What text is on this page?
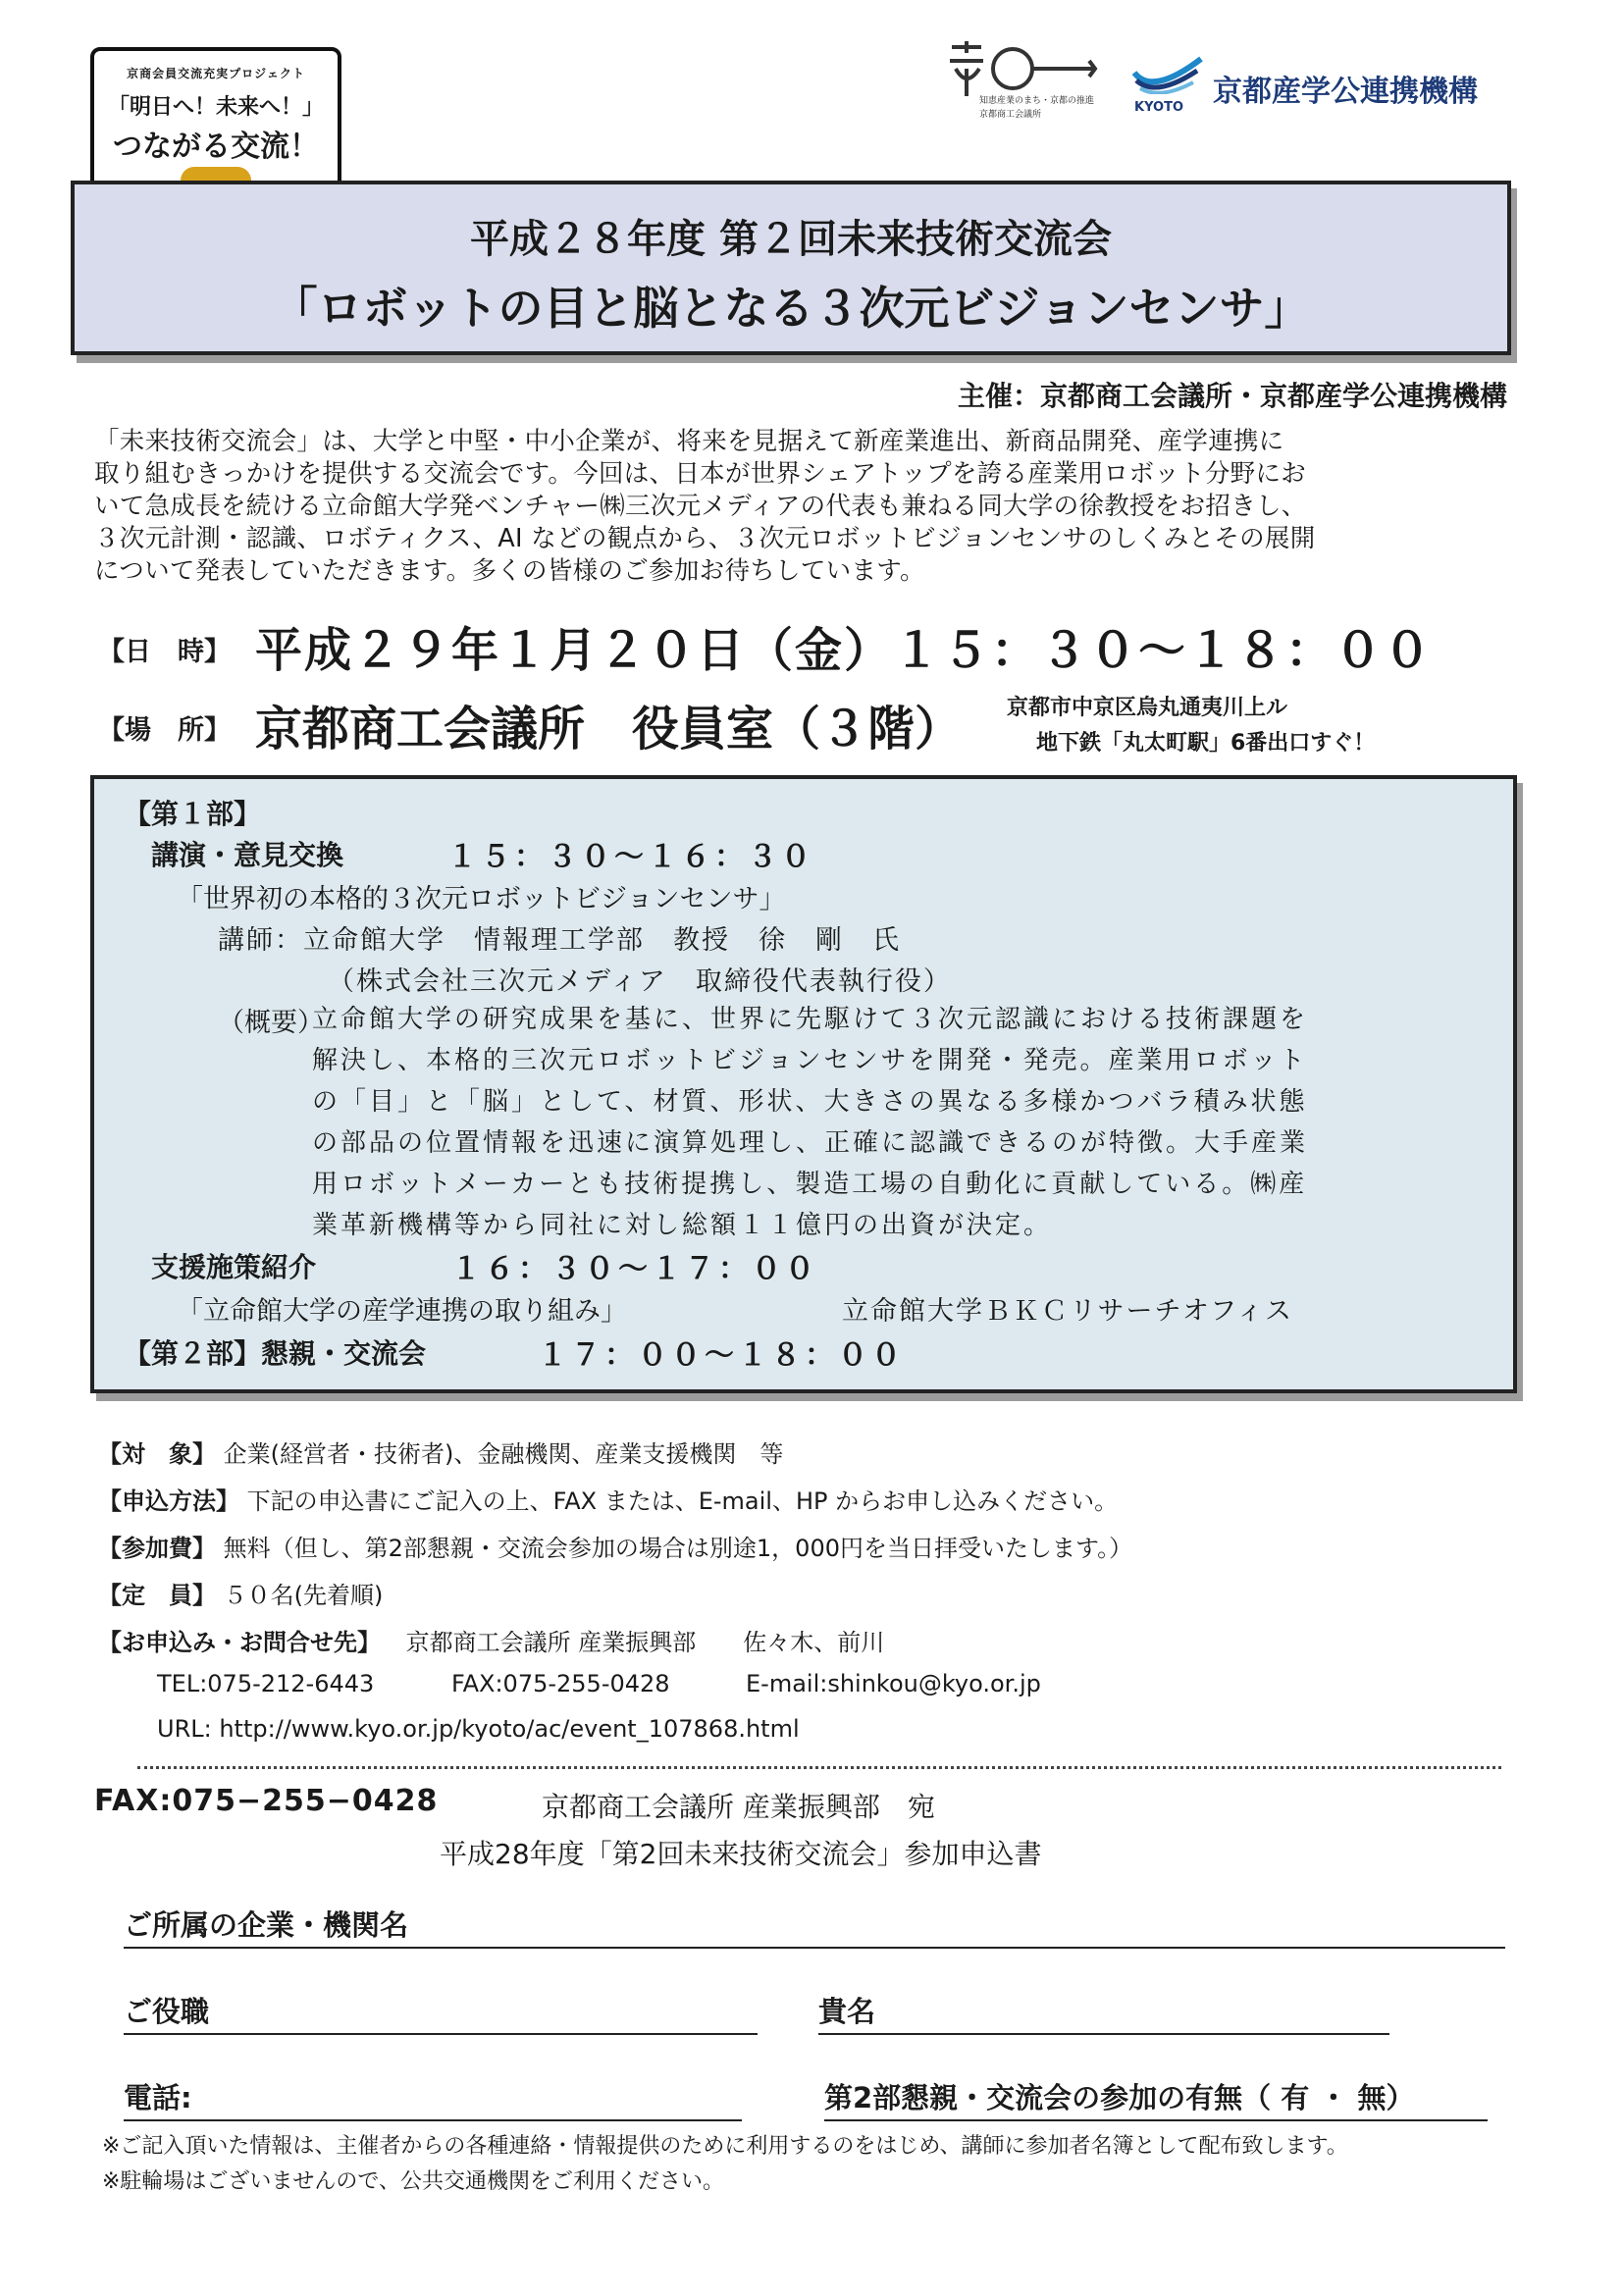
京商会員交流充実プロジェクト
「明日へ！未来へ！」
つながる交流！
知恵産業のまち・京都の推進
京都商工会議所	KYOTO 京都産学公連携機構
平成２８年度 第２回未来技術交流会
「ロボットの目と脳となる３次元ビジョンセンサ」
主催：京都商工会議所・京都産学公連携機構
「未来技術交流会」は、大学と中堅・中小企業が、将来を見据えて新産業進出、新商品開発、産学連携に
取り組むきっかけを提供する交流会です。今回は、日本が世界シェアトップを誇る産業用ロボット分野にお
いて急成長を続ける立命館大学発ベンチャー㈱三次元メディアの代表も兼ねる同大学の徐教授をお招きし、
３次元計測・認識、ロボティクス、AI などの観点から、３次元ロボットビジョンセンサのしくみとその展開
について発表していただきます。多くの皆様のご参加お待ちしています。
【日　時】 平成２９年１月２０日（金）１５：３０〜１８：００
【場　所】 京都商工会議所　役員室（３階） 京都市中京区烏丸通夷川上ル
地下鉄「丸太町駅」6番出口すぐ！
【第１部】
講演・意見交換	１５：３０〜１６：３０
「世界初の本格的３次元ロボットビジョンセンサ」
講師：立命館大学　情報理工学部　教授　徐　剛　氏
（株式会社三次元メディア　取締役代表執行役）
（概要）
立命館大学の研究成果を基に、世界に先駆けて３次元認識における技術課題を
解決し、本格的三次元ロボットビジョンセンサを開発・発売。産業用ロボット
の「目」と「脳」として、材質、形状、大きさの異なる多様かつバラ積み状態
の部品の位置情報を迅速に演算処理し、正確に認識できるのが特徴。大手産業
用ロボットメーカーとも技術提携し、製造工場の自動化に貢献している。㈱産
業革新機構等から同社に対し総額１１億円の出資が決定。
支援施策紹介	１６：３０〜１７：００
「立命館大学の産学連携の取り組み」	立命館大学ＢＫＣリサーチオフィス
【第２部】懇親・交流会	１７：００〜１８：００
【対　象】 企業(経営者・技術者)、金融機関、産業支援機関　等
【申込方法】 下記の申込書にご記入の上、FAX または、E-mail、HP からお申し込みください。
【参加費】 無料（但し、第2部懇親・交流会参加の場合は別途1，000円を当日拝受いたします。）
【定　員】 ５０名(先着順)
【お申込み・お問合せ先】 京都商工会議所 産業振興部　　佐々木、前川
TEL:075-212-6443	FAX:075-255-0428	E-mail:shinkou@kyo.or.jp
URL: http://www.kyo.or.jp/kyoto/ac/event_107868.html
FAX:075−255−0428	京都商工会議所 産業振興部　宛
平成28年度「第2回未来技術交流会」参加申込書
ご所属の企業・機関名
ご役職	貴名
電話:	第2部懇親・交流会の参加の有無（ 有 ・ 無）
※ご記入頂いた情報は、主催者からの各種連絡・情報提供のために利用するのをはじめ、講師に参加者名簿として配布致します。
※駐輪場はございませんので、公共交通機関をご利用ください。
